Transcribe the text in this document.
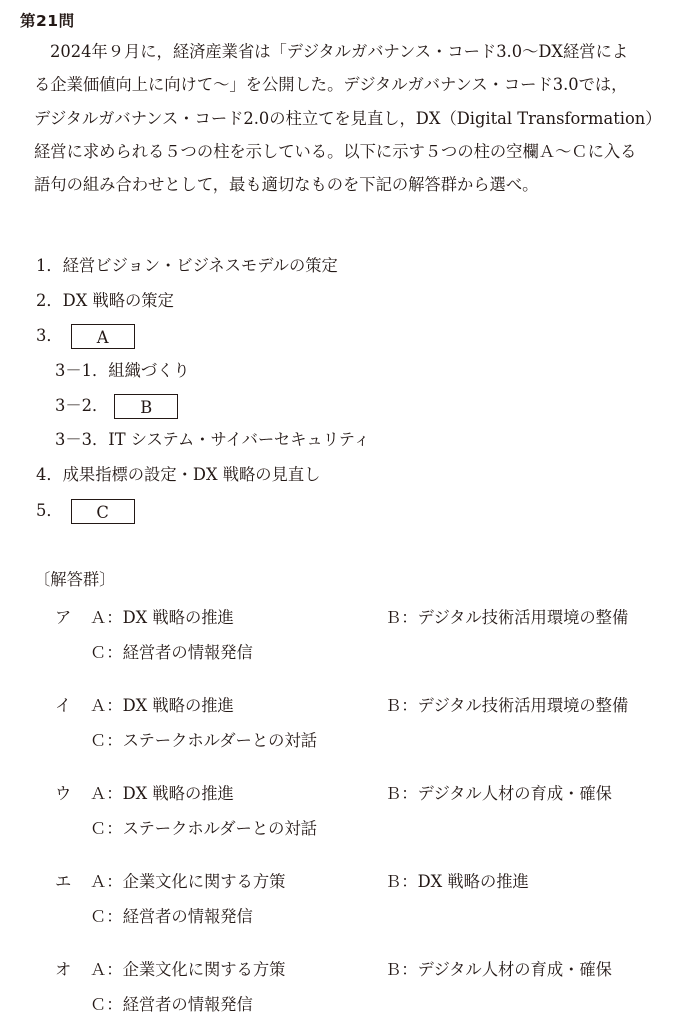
第21問
2024年９月に，経済産業省は「デジタルガバナンス・コード3.0〜DX経営によ
る企業価値向上に向けて〜」を公開した。デジタルガバナンス・コード3.0では，
デジタルガバナンス・コード2.0の柱立てを見直し，DX（Digital Transformation）
経営に求められる５つの柱を示している。以下に示す５つの柱の空欄Ａ〜Ｃに入る
語句の組み合わせとして，最も適切なものを下記の解答群から選べ。
1．経営ビジョン・ビジネスモデルの策定
2．DX 戦略の策定
3． A
3－1．組織づくり
3－2． B
3－3．IT システム・サイバーセキュリティ
4．成果指標の設定・DX 戦略の見直し
5． C
〔解答群〕
ア Ａ：DX 戦略の推進	Ｂ：デジタル技術活用環境の整備
Ｃ：経営者の情報発信
イ Ａ：DX 戦略の推進	Ｂ：デジタル技術活用環境の整備
Ｃ：ステークホルダーとの対話
ウ Ａ：DX 戦略の推進	Ｂ：デジタル人材の育成・確保
Ｃ：ステークホルダーとの対話
エ Ａ：企業文化に関する方策	Ｂ：DX 戦略の推進
Ｃ：経営者の情報発信
オ Ａ：企業文化に関する方策	Ｂ：デジタル人材の育成・確保
Ｃ：経営者の情報発信
